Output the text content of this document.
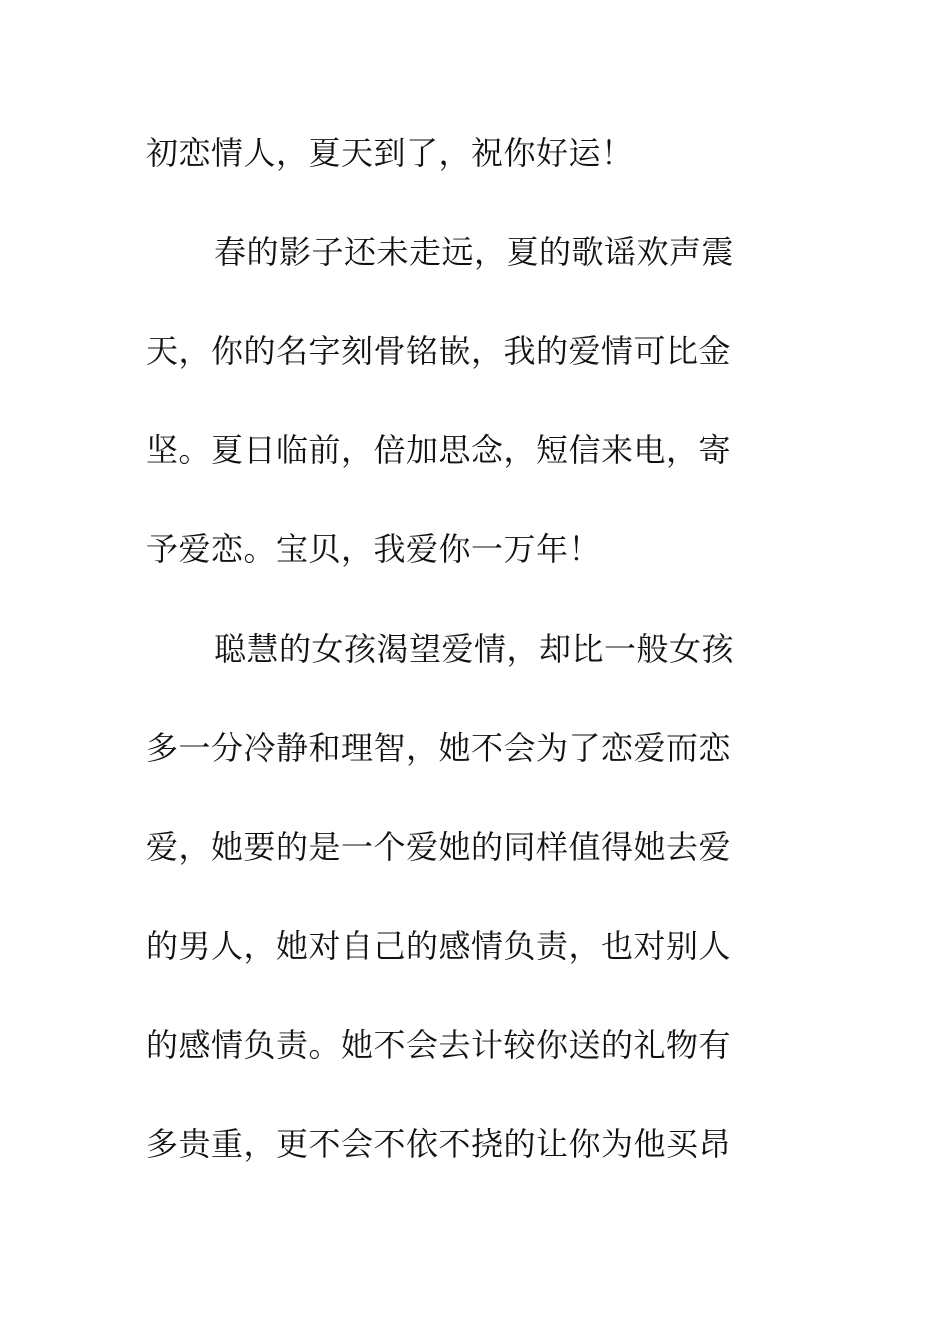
初恋情人，夏天到了，祝你好运！
春的影子还未走远，夏的歌谣欢声震
天，你的名字刻骨铭嵌，我的爱情可比金
坚。夏日临前，倍加思念，短信来电，寄
予爱恋。宝贝，我爱你一万年！
聪慧的女孩渴望爱情，却比一般女孩
多一分冷静和理智，她不会为了恋爱而恋
爱，她要的是一个爱她的同样值得她去爱
的男人，她对自己的感情负责，也对别人
的感情负责。她不会去计较你送的礼物有
多贵重，更不会不依不挠的让你为他买昂
